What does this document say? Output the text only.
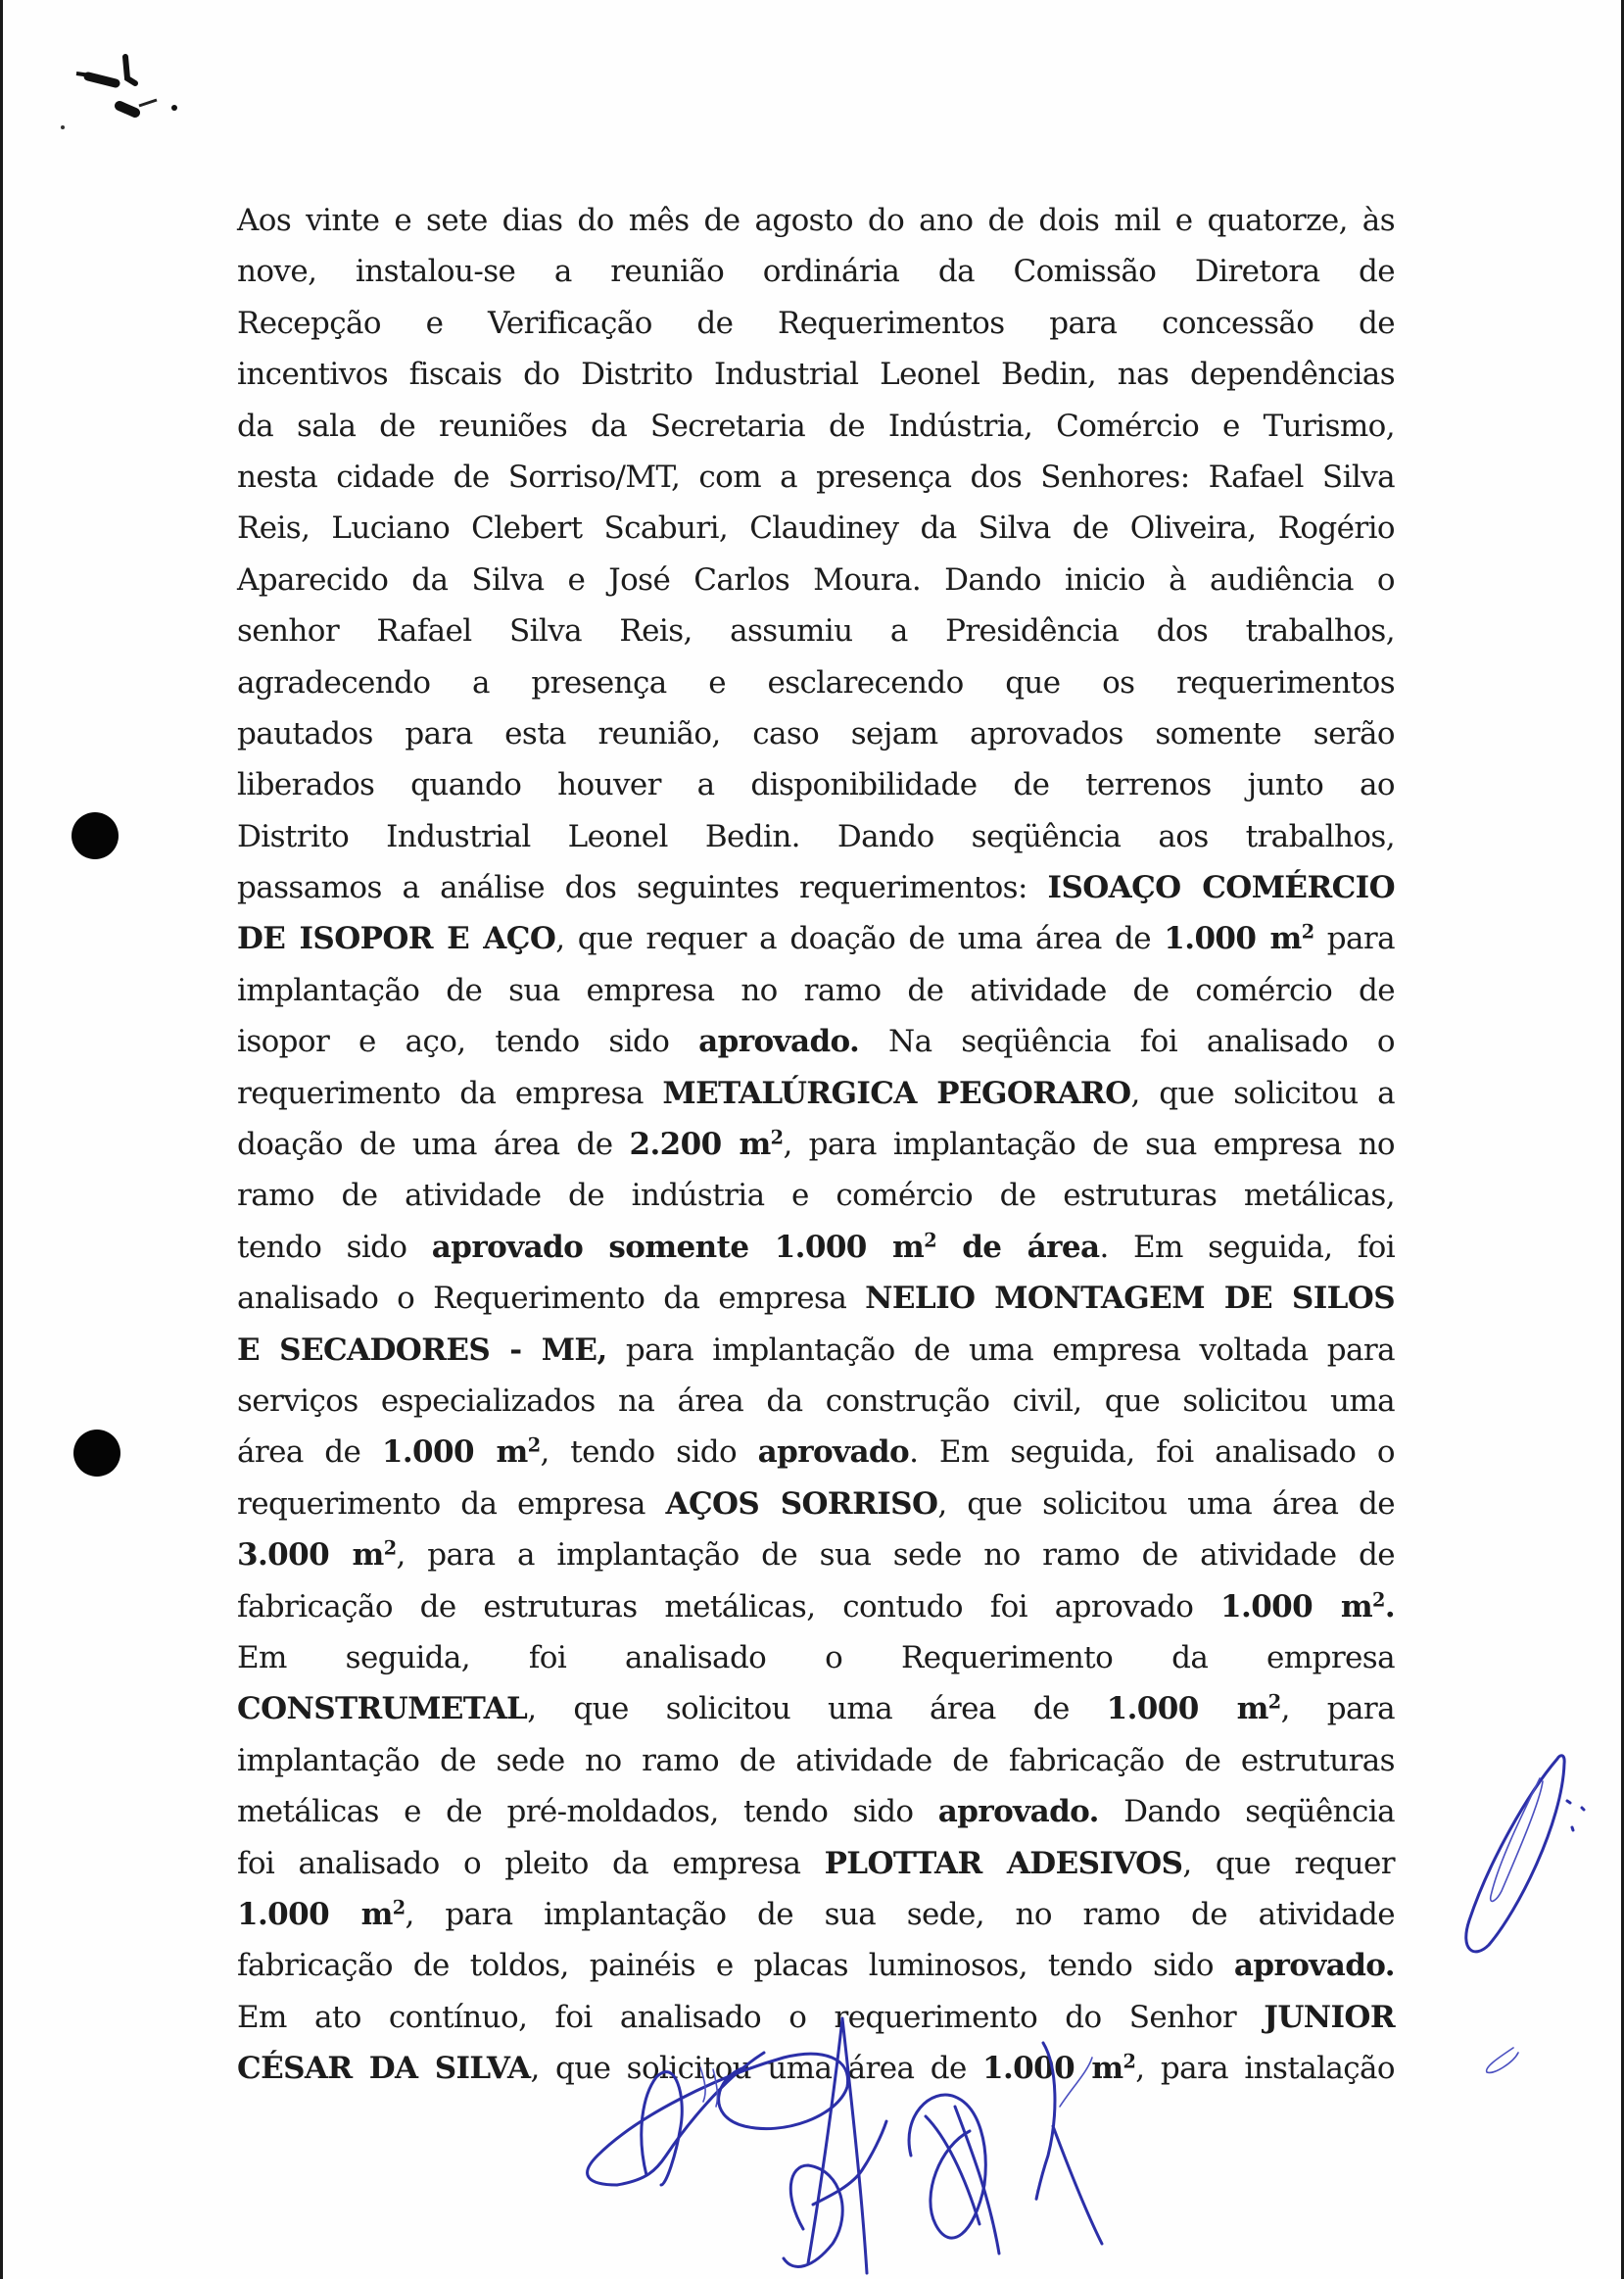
Aos vinte e sete dias do mês de agosto do ano de dois mil e quatorze, às
nove, instalou-se a reunião ordinária da Comissão Diretora de
Recepção e Verificação de Requerimentos para concessão de
incentivos fiscais do Distrito Industrial Leonel Bedin, nas dependências
da sala de reuniões da Secretaria de Indústria, Comércio e Turismo,
nesta cidade de Sorriso/MT, com a presença dos Senhores: Rafael Silva
Reis, Luciano Clebert Scaburi, Claudiney da Silva de Oliveira, Rogério
Aparecido da Silva e José Carlos Moura. Dando inicio à audiência o
senhor Rafael Silva Reis, assumiu a Presidência dos trabalhos,
agradecendo a presença e esclarecendo que os requerimentos
pautados para esta reunião, caso sejam aprovados somente serão
liberados quando houver a disponibilidade de terrenos junto ao
Distrito Industrial Leonel Bedin. Dando seqüência aos trabalhos,
passamos a análise dos seguintes requerimentos: ISOAÇO COMÉRCIO
DE ISOPOR E AÇO, que requer a doação de uma área de 1.000 $m^2$ para
implantação de sua empresa no ramo de atividade de comércio de
isopor e aço, tendo sido aprovado. Na seqüência foi analisado o
requerimento da empresa METALÚRGICA PEGORARO, que solicitou a
doação de uma área de 2.200 $m^2$, para implantação de sua empresa no
ramo de atividade de indústria e comércio de estruturas metálicas,
tendo sido aprovado somente 1.000 $m^2$ de área. Em seguida, foi
analisado o Requerimento da empresa NELIO MONTAGEM DE SILOS
E SECADORES - ME, para implantação de uma empresa voltada para
serviços especializados na área da construção civil, que solicitou uma
área de 1.000 $m^2$, tendo sido aprovado. Em seguida, foi analisado o
requerimento da empresa AÇOS SORRISO, que solicitou uma área de
3.000 $m^2$, para a implantação de sua sede no ramo de atividade de
fabricação de estruturas metálicas, contudo foi aprovado 1.000 $m^2$.
Em seguida, foi analisado o Requerimento da empresa
CONSTRUMETAL, que solicitou uma área de 1.000 $m^2$, para
implantação de sede no ramo de atividade de fabricação de estruturas
metálicas e de pré-moldados, tendo sido aprovado. Dando seqüência
foi analisado o pleito da empresa PLOTTAR ADESIVOS, que requer
1.000 $m^2$, para implantação de sua sede, no ramo de atividade
fabricação de toldos, painéis e placas luminosos, tendo sido aprovado.
Em ato contínuo, foi analisado o requerimento do Senhor JUNIOR
CÉSAR DA SILVA, que solicitou uma área de 1.000 $m^2$, para instalação
